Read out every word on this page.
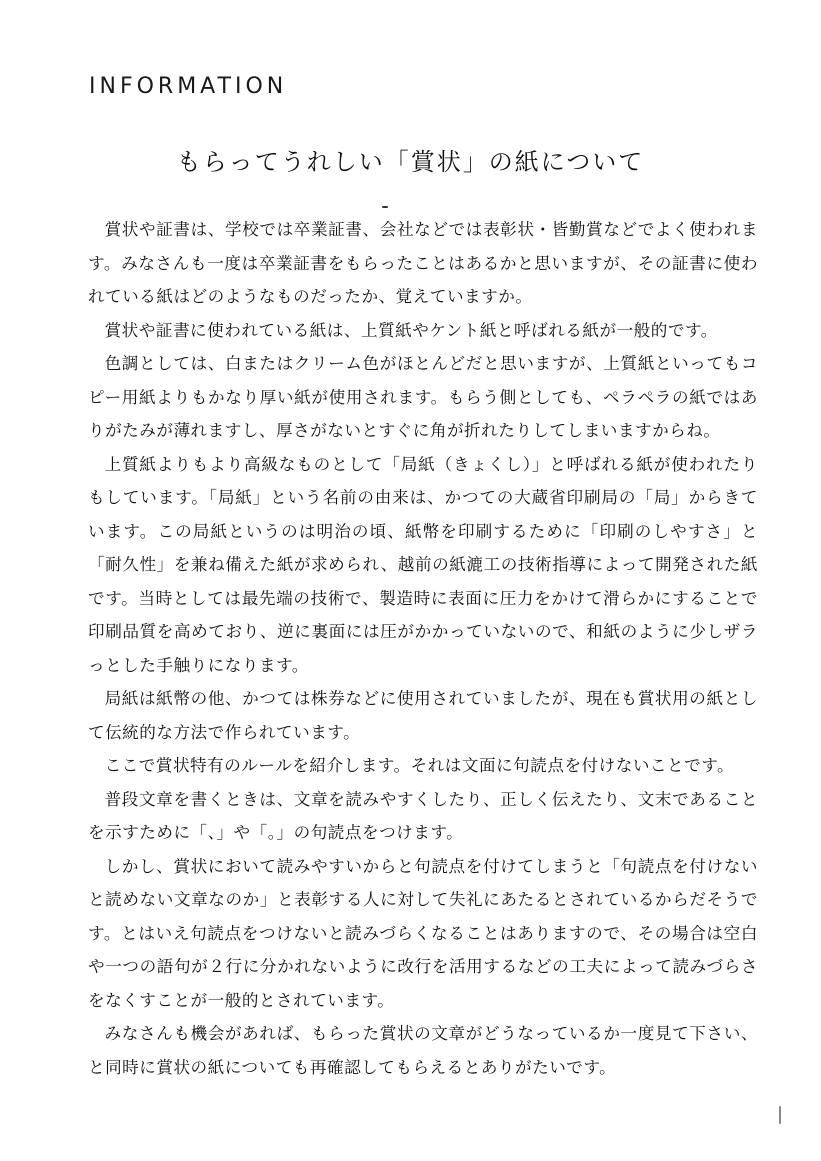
INFORMATION
もらってうれしい「賞状」の紙について

賞状や証書は、学校では卒業証書、会社などでは表彰状・皆勤賞などでよく使われます。みなさんも一度は卒業証書をもらったことはあるかと思いますが、その証書に使われている紙はどのようなものだったか、覚えていますか。

賞状や証書に使われている紙は、上質紙やケント紙と呼ばれる紙が一般的です。

色調としては、白またはクリーム色がほとんどだと思いますが、上質紙といってもコピー用紙よりもかなり厚い紙が使用されます。もらう側としても、ペラペラの紙ではありがたみが薄れますし、厚さがないとすぐに角が折れたりしてしまいますからね。

上質紙よりもより高級なものとして「局紙（きょくし）」と呼ばれる紙が使われたりもしています。「局紙」という名前の由来は、かつての大蔵省印刷局の「局」からきています。この局紙というのは明治の頃、紙幣を印刷するために「印刷のしやすさ」と「耐久性」を兼ね備えた紙が求められ、越前の紙漉工の技術指導によって開発された紙です。当時としては最先端の技術で、製造時に表面に圧力をかけて滑らかにすることで印刷品質を高めており、逆に裏面には圧がかかっていないので、和紙のように少しザラっとした手触りになります。

局紙は紙幣の他、かつては株券などに使用されていましたが、現在も賞状用の紙として伝統的な方法で作られています。

ここで賞状特有のルールを紹介します。それは文面に句読点を付けないことです。

普段文章を書くときは、文章を読みやすくしたり、正しく伝えたり、文末であることを示すために「、」や「。」の句読点をつけます。

しかし、賞状において読みやすいからと句読点を付けてしまうと「句読点を付けないと読めない文章なのか」と表彰する人に対して失礼にあたるとされているからだそうです。とはいえ句読点をつけないと読みづらくなることはありますので、その場合は空白や一つの語句が２行に分かれないように改行を活用するなどの工夫によって読みづらさをなくすことが一般的とされています。

みなさんも機会があれば、もらった賞状の文章がどうなっているか一度見て下さい、と同時に賞状の紙についても再確認してもらえるとありがたいです。
